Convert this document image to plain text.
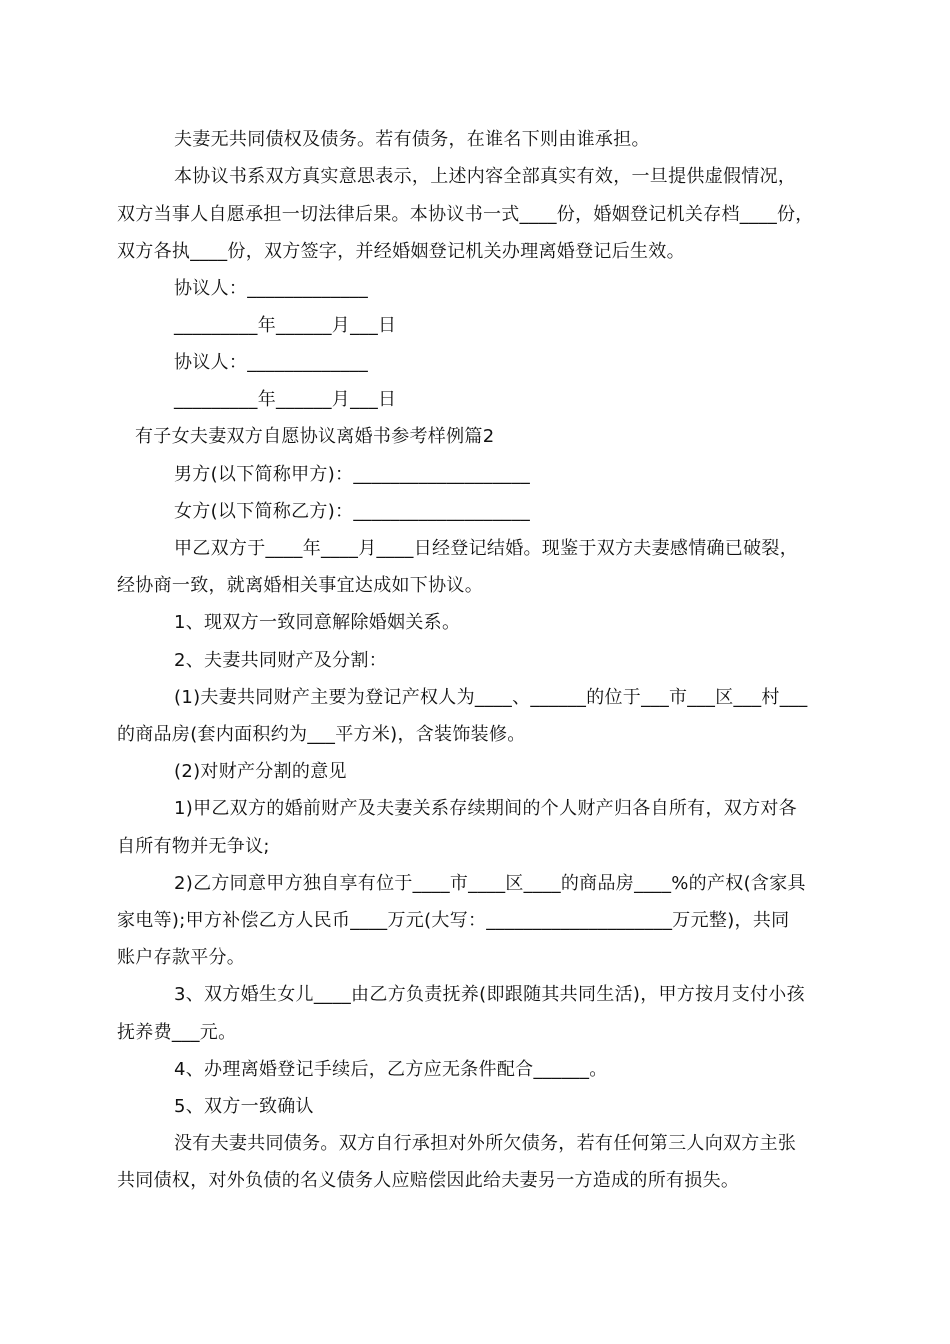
夫妻无共同债权及债务。若有债务，在谁名下则由谁承担。
本协议书系双方真实意思表示，上述内容全部真实有效，一旦提供虚假情况，
双方当事人自愿承担一切法律后果。本协议书一式____份，婚姻登记机关存档____份，
双方各执____份，双方签字，并经婚姻登记机关办理离婚登记后生效。
协议人：_____________
_________年______月___日
协议人：_____________
_________年______月___日
有子女夫妻双方自愿协议离婚书参考样例篇2
男方(以下简称甲方)：___________________
女方(以下简称乙方)：___________________
甲乙双方于____年____月____日经登记结婚。现鉴于双方夫妻感情确已破裂，
经协商一致，就离婚相关事宜达成如下协议。
1、现双方一致同意解除婚姻关系。
2、夫妻共同财产及分割：
(1)夫妻共同财产主要为登记产权人为____、______的位于___市___区___村___
的商品房(套内面积约为___平方米)，含装饰装修。
(2)对财产分割的意见
1)甲乙双方的婚前财产及夫妻关系存续期间的个人财产归各自所有，双方对各
自所有物并无争议;
2)乙方同意甲方独自享有位于____市____区____的商品房____%的产权(含家具
家电等);甲方补偿乙方人民币____万元(大写：____________________万元整)，共同
账户存款平分。
3、双方婚生女儿____由乙方负责抚养(即跟随其共同生活)，甲方按月支付小孩
抚养费___元。
4、办理离婚登记手续后，乙方应无条件配合______。
5、双方一致确认
没有夫妻共同债务。双方自行承担对外所欠债务，若有任何第三人向双方主张
共同债权，对外负债的名义债务人应赔偿因此给夫妻另一方造成的所有损失。
